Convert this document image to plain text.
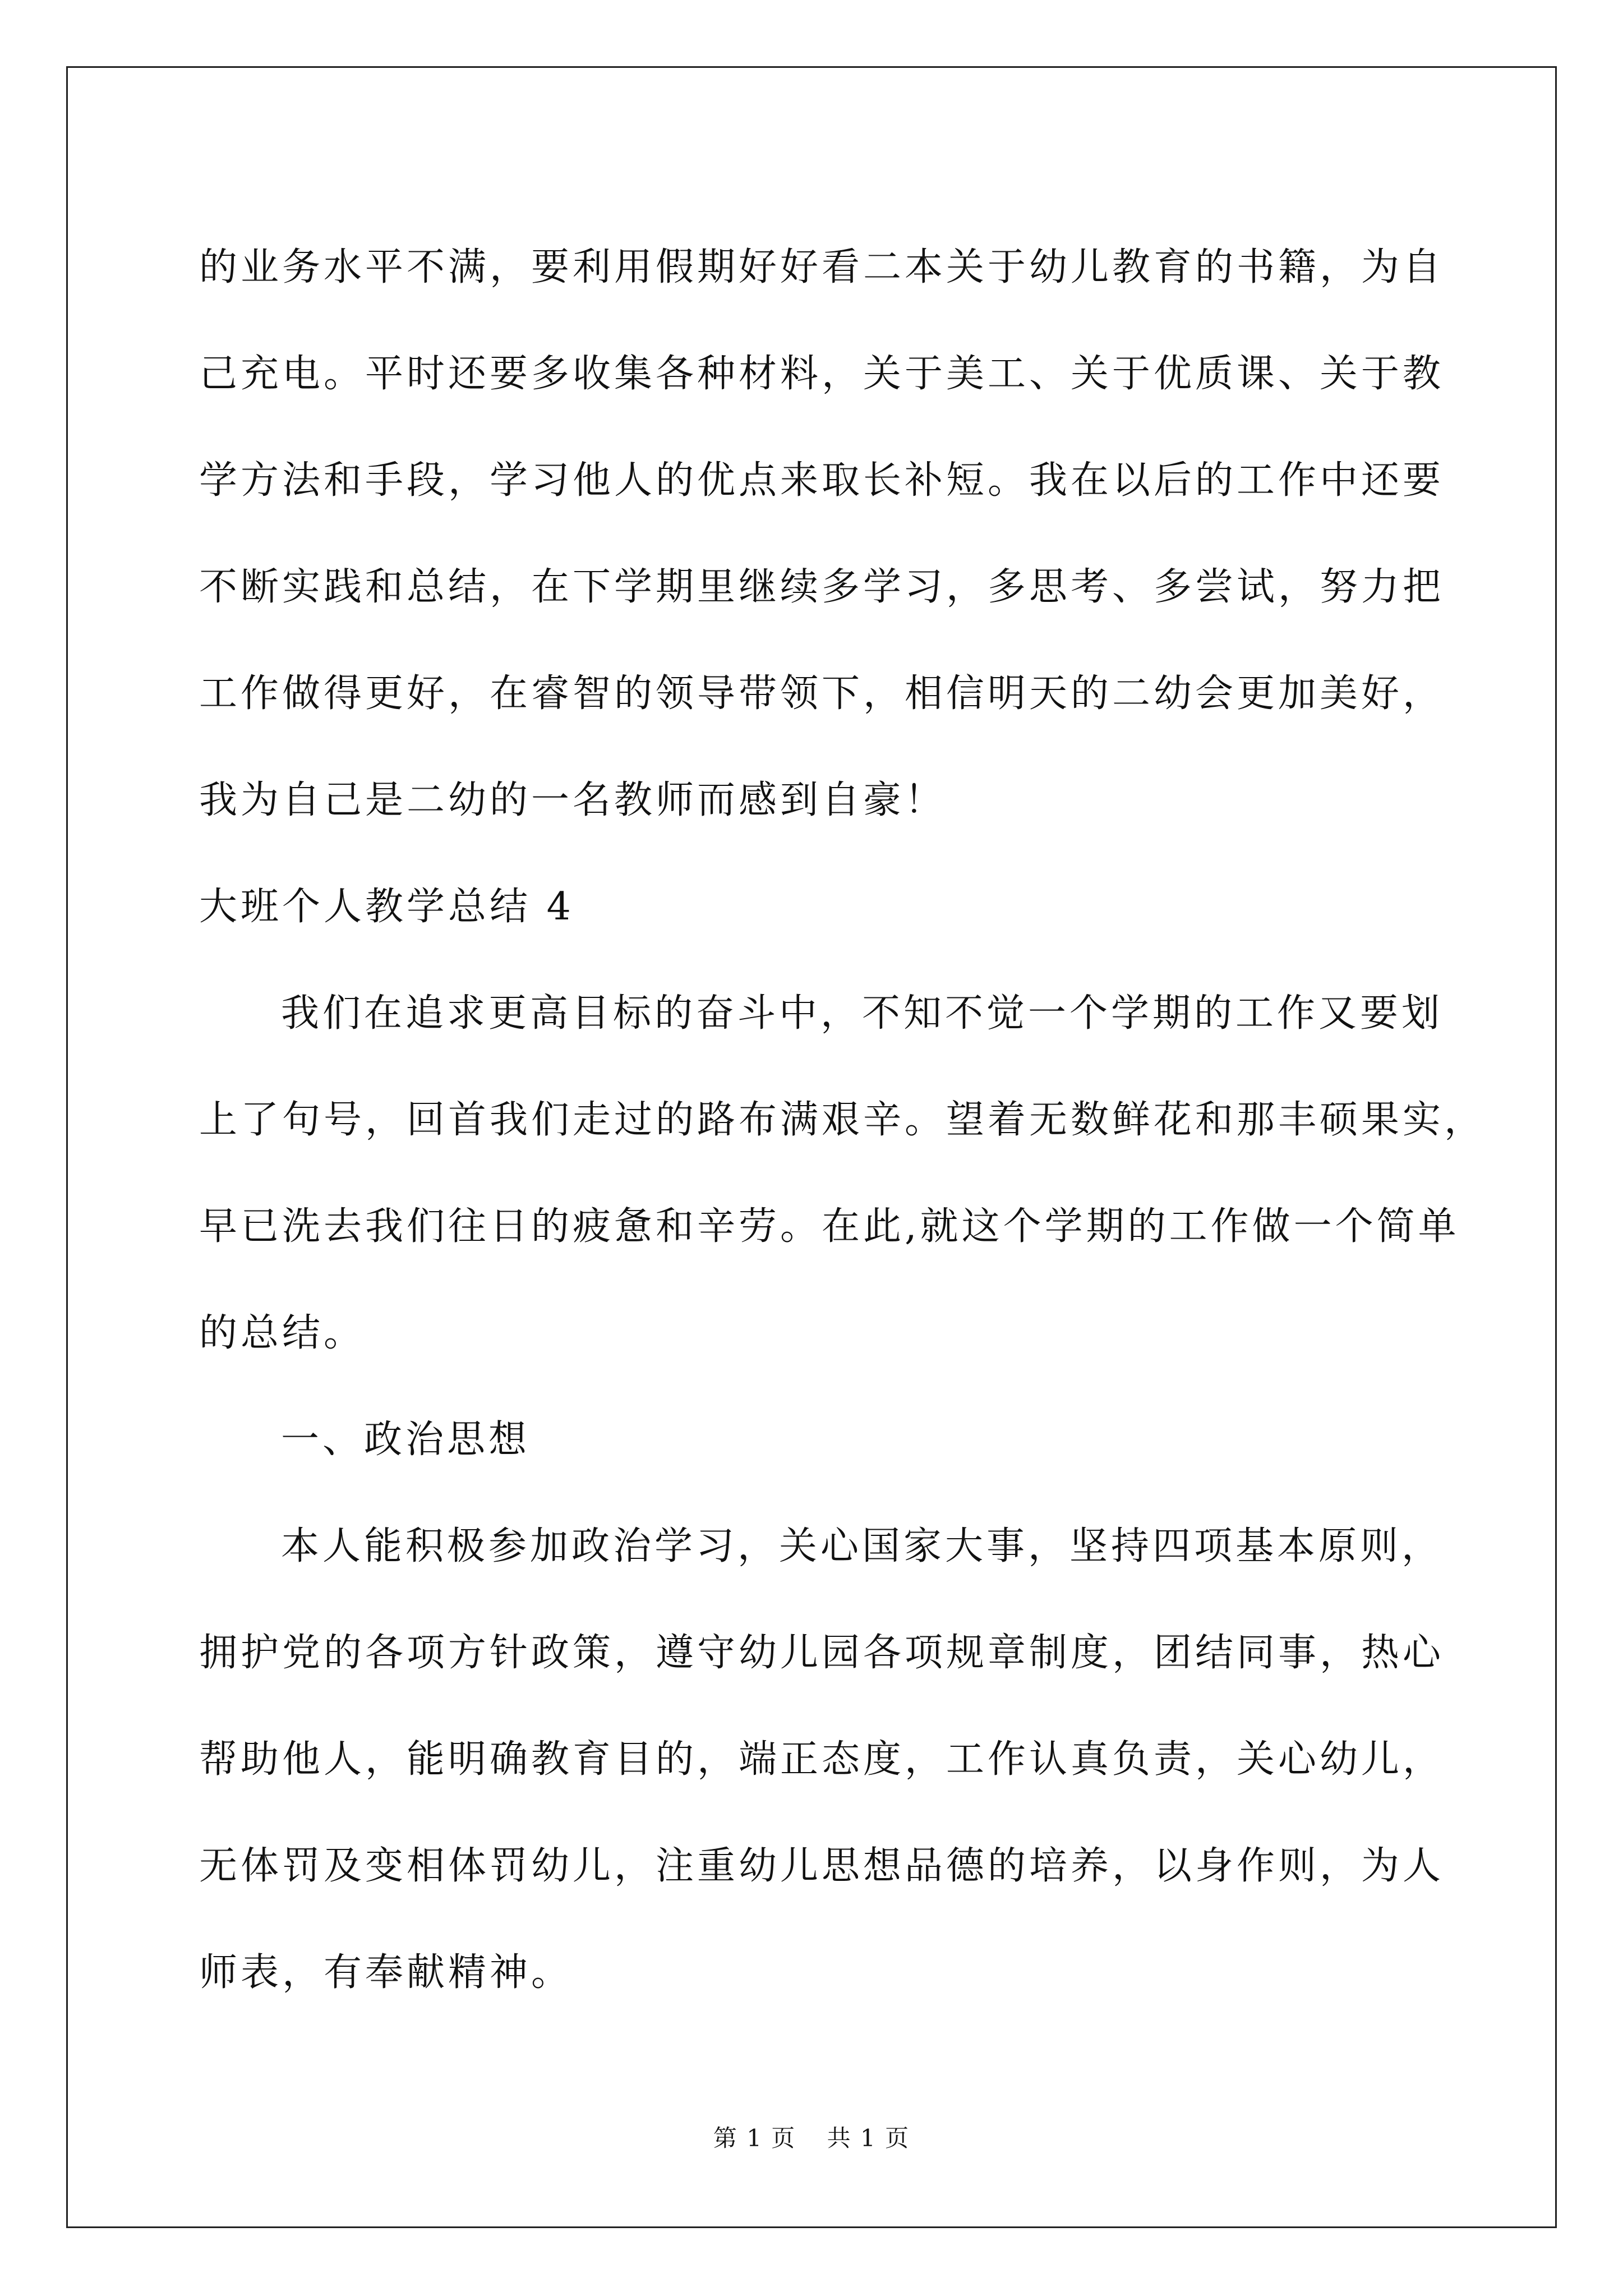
的业务水平不满，要利用假期好好看二本关于幼儿教育的书籍，为自
己充电。平时还要多收集各种材料，关于美工、关于优质课、关于教
学方法和手段，学习他人的优点来取长补短。我在以后的工作中还要
不断实践和总结，在下学期里继续多学习，多思考、多尝试，努力把
工作做得更好，在睿智的领导带领下，相信明天的二幼会更加美好，
我为自己是二幼的一名教师而感到自豪！
大班个人教学总结 4
我们在追求更高目标的奋斗中，不知不觉一个学期的工作又要划
上了句号，回首我们走过的路布满艰辛。望着无数鲜花和那丰硕果实，
早已洗去我们往日的疲惫和辛劳。在此,就这个学期的工作做一个简单
的总结。
一、政治思想
本人能积极参加政治学习，关心国家大事，坚持四项基本原则，
拥护党的各项方针政策，遵守幼儿园各项规章制度，团结同事，热心
帮助他人，能明确教育目的，端正态度，工作认真负责，关心幼儿，
无体罚及变相体罚幼儿，注重幼儿思想品德的培养，以身作则，为人
师表，有奉献精神。
第 1 页 共 1 页
